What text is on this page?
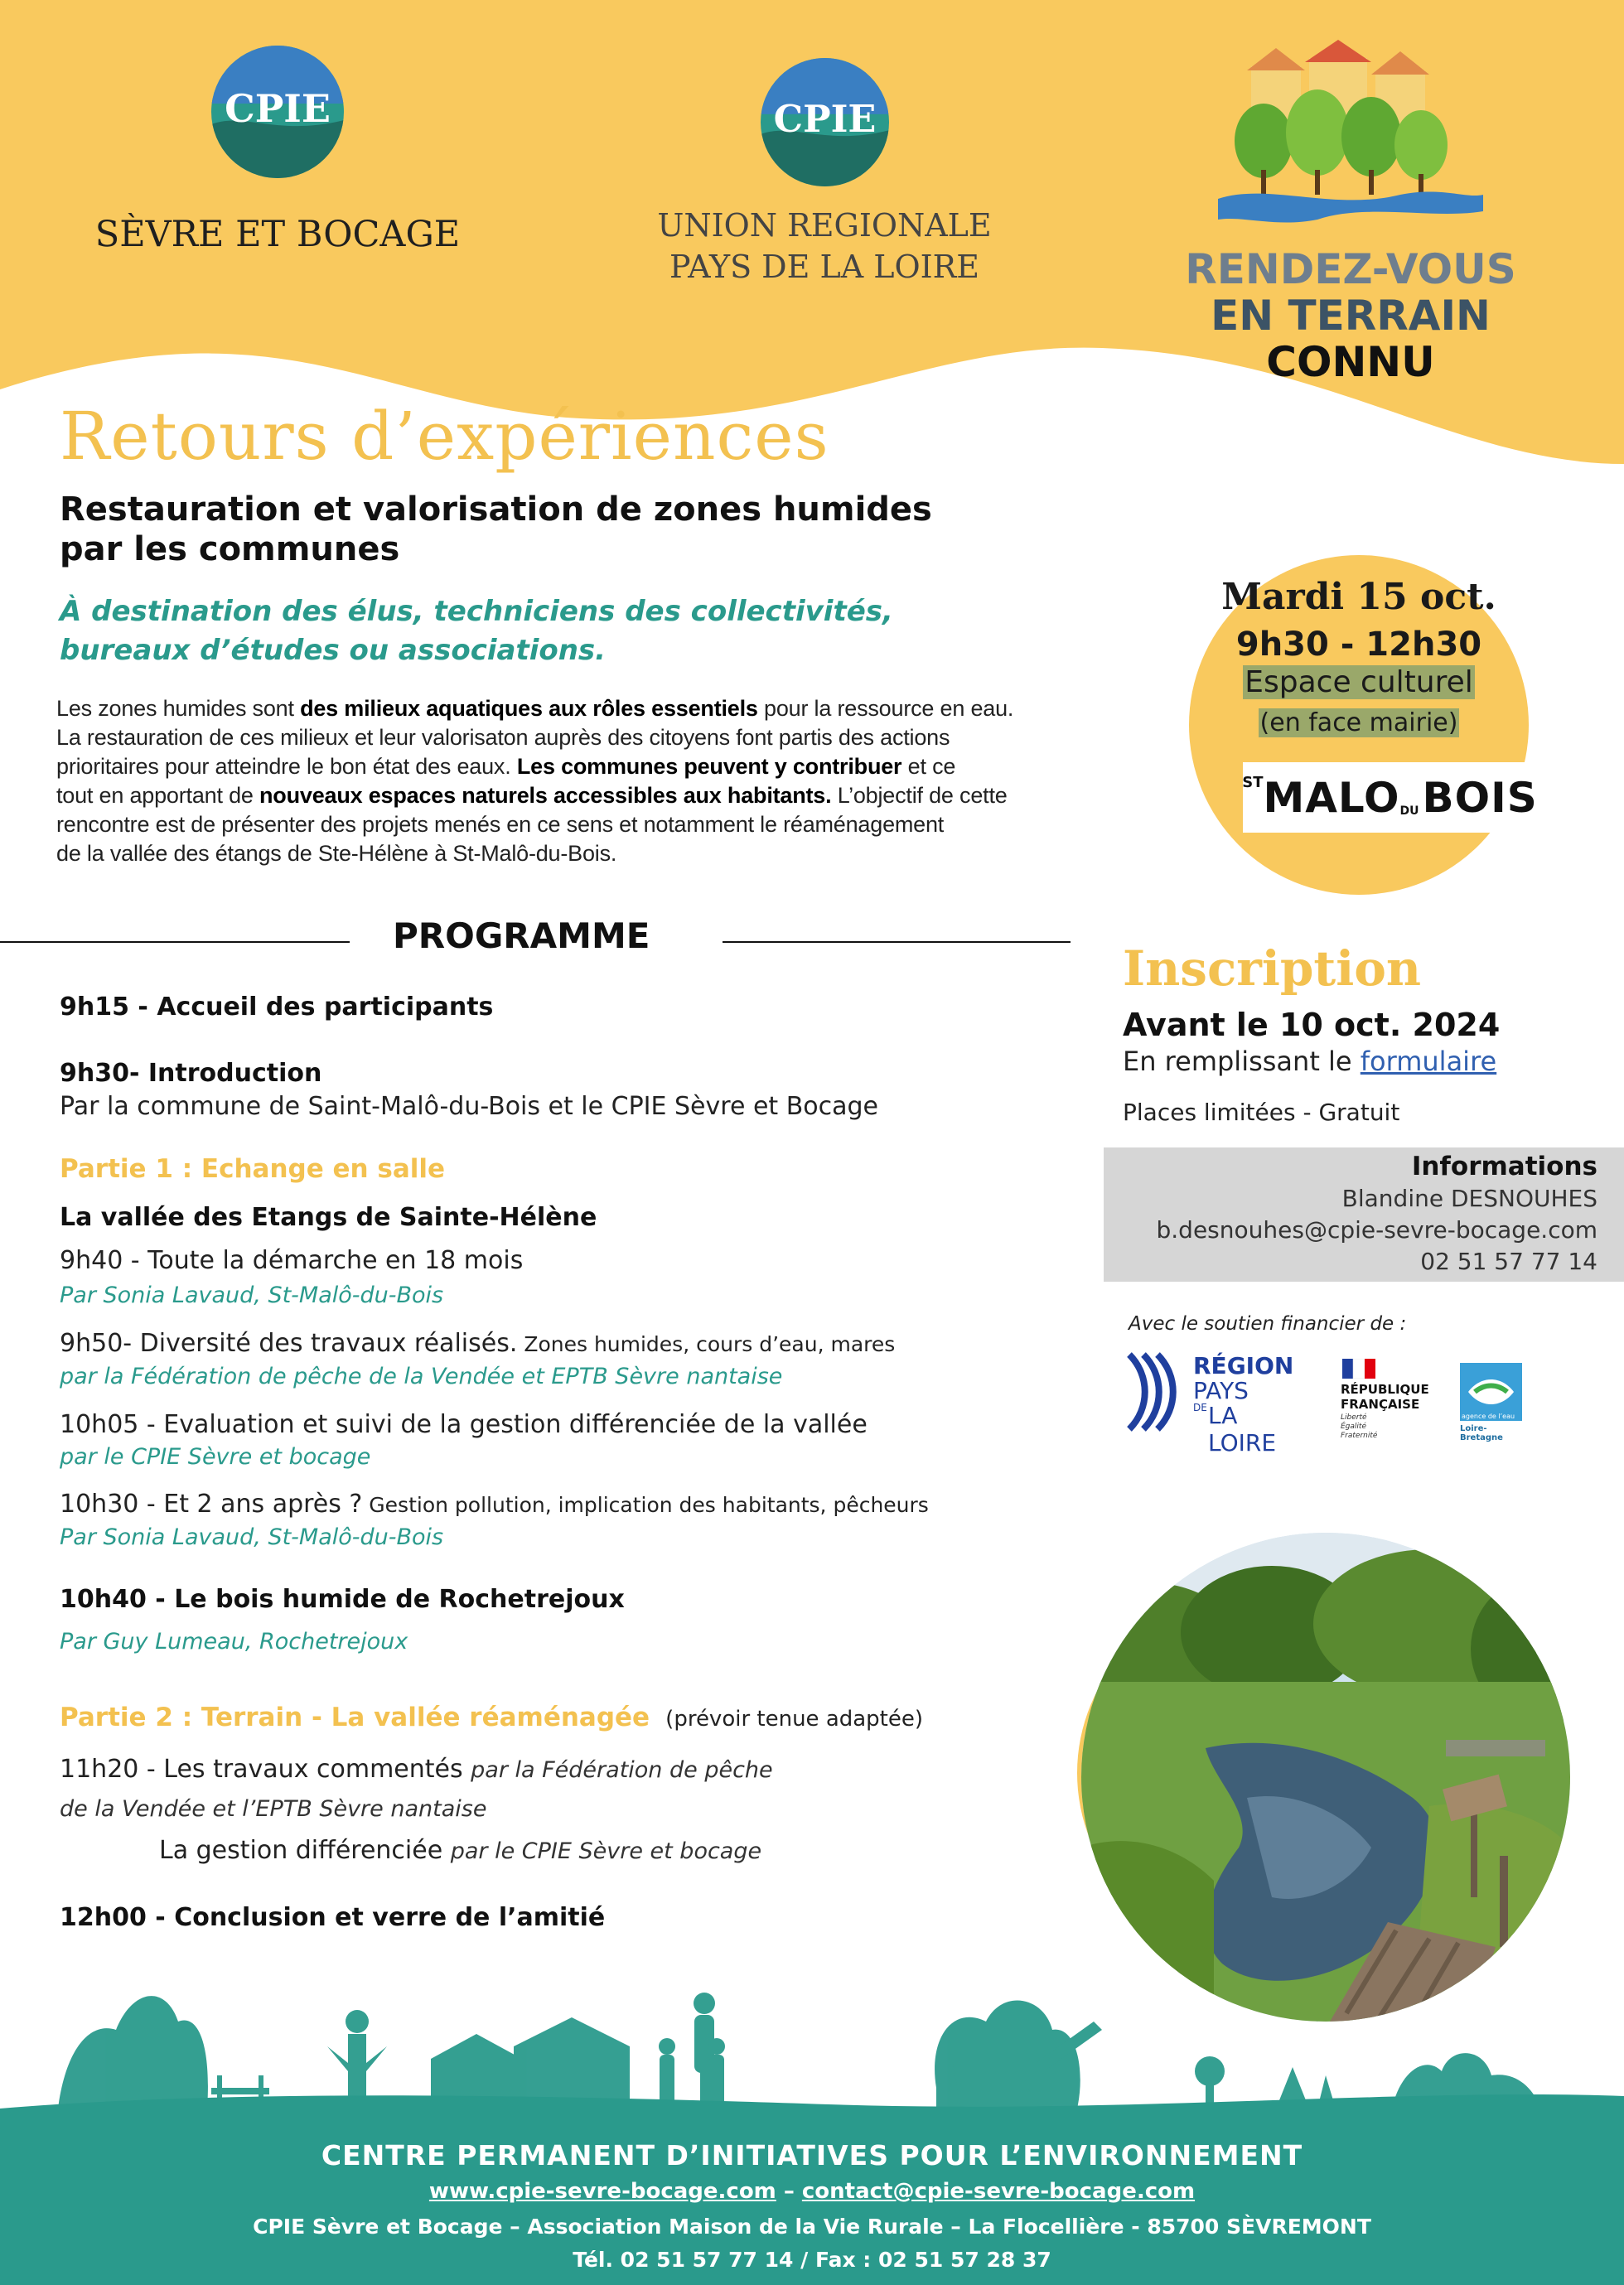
CPIE
SÈVRE ET BOCAGE
CPIE
UNION REGIONALE
PAYS DE LA LOIRE	RENDEZ-VOUS
EN TERRAIN
CONNU
Retours d’expériences
Restauration et valorisation de zones humides
par les communes
À destination des élus, techniciens des collectivités,
bureaux d’études ou associations.
Les zones humides sont des milieux aquatiques aux rôles essentiels pour la ressource en eau.
La restauration de ces milieux et leur valorisaton auprès des citoyens font partis des actions
prioritaires pour atteindre le bon état des eaux. Les communes peuvent y contribuer et ce
tout en apportant de nouveaux espaces naturels accessibles aux habitants. L’objectif de cette
rencontre est de présenter des projets menés en ce sens et notamment le réaménagement
de la vallée des étangs de Ste-Hélène à St-Malô-du-Bois.
Mardi 15 oct.
9h30 - 12h30
Espace culturel
(en face mairie)
ST MALO DU BOIS
PROGRAMME
9h15 - Accueil des participants
9h30- Introduction
Par la commune de Saint-Malô-du-Bois et le CPIE Sèvre et Bocage
Partie 1 : Echange en salle
La vallée des Etangs de Sainte-Hélène
9h40 - Toute la démarche en 18 mois
Par Sonia Lavaud, St-Malô-du-Bois
9h50- Diversité des travaux réalisés. Zones humides, cours d’eau, mares
par la Fédération de pêche de la Vendée et EPTB Sèvre nantaise
10h05 - Evaluation et suivi de la gestion différenciée de la vallée
par le CPIE Sèvre et bocage
10h30 - Et 2 ans après ? Gestion pollution, implication des habitants, pêcheurs
Par Sonia Lavaud, St-Malô-du-Bois
10h40 - Le bois humide de Rochetrejoux
Par Guy Lumeau, Rochetrejoux
Partie 2 : Terrain - La vallée réaménagée (prévoir tenue adaptée)
11h20 - Les travaux commentés par la Fédération de pêche
de la Vendée et l’EPTB Sèvre nantaise
La gestion différenciée par le CPIE Sèvre et bocage
12h00 - Conclusion et verre de l’amitié
Inscription
Avant le 10 oct. 2024
En remplissant le formulaire
Places limitées - Gratuit
Informations
Blandine DESNOUHES
b.desnouhes@cpie-sevre-bocage.com
02 51 57 77 14
Avec le soutien financier de :
RÉGION
PAYS
DE LA LOIRE
RÉPUBLIQUE
FRANÇAISE
Liberté
Égalité
Fraternité
agence de l’eau
Loire-Bretagne
CENTRE PERMANENT D’INITIATIVES POUR L’ENVIRONNEMENT
www.cpie-sevre-bocage.com – contact@cpie-sevre-bocage.com
CPIE Sèvre et Bocage – Association Maison de la Vie Rurale – La Flocellière - 85700 SÈVREMONT
Tél. 02 51 57 77 14 / Fax : 02 51 57 28 37
